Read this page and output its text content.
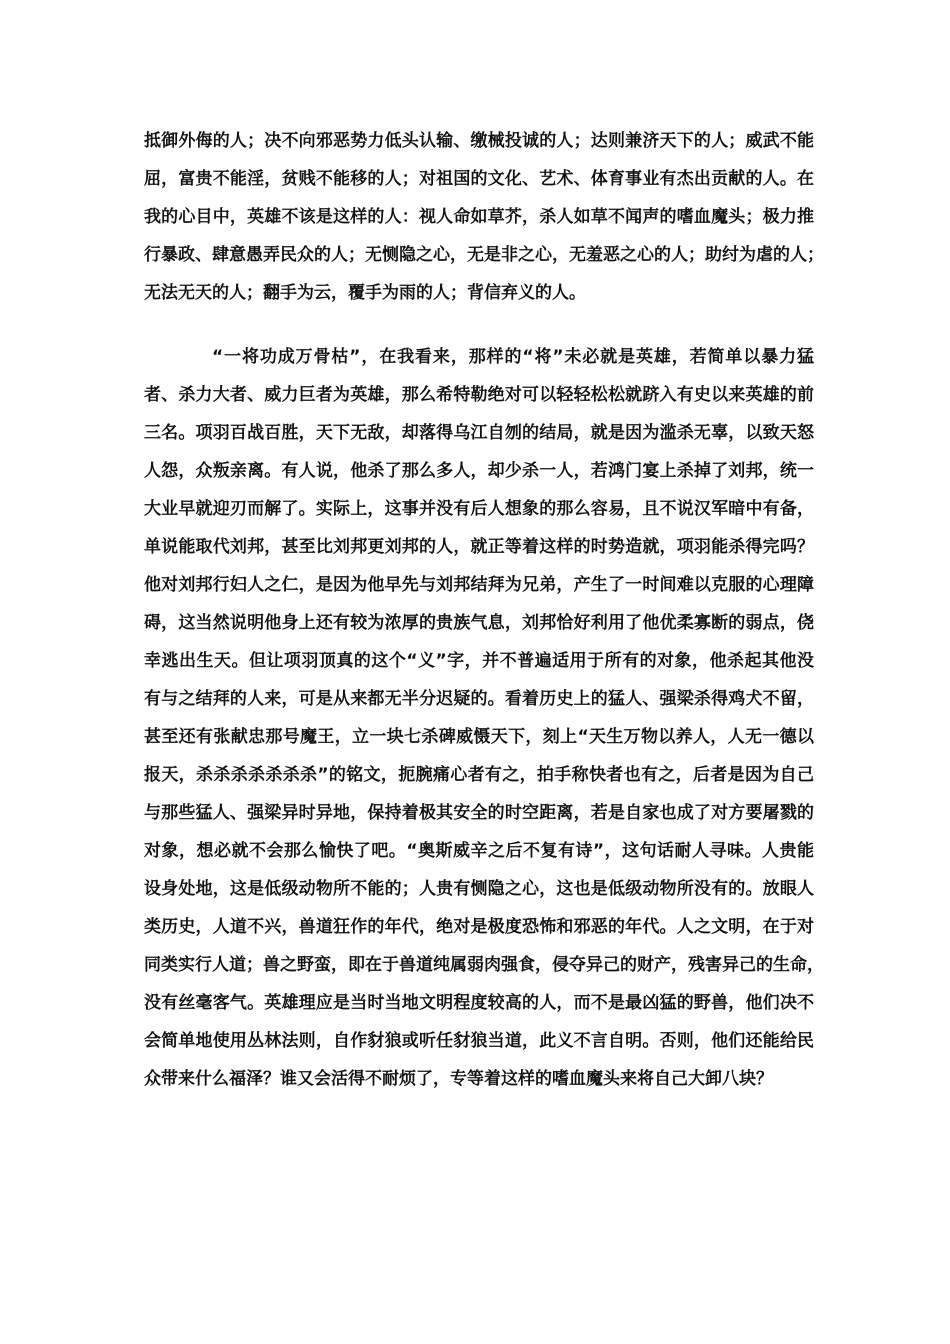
抵御外侮的人；决不向邪恶势力低头认输、缴械投诚的人；达则兼济天下的人；威武不能
屈，富贵不能淫，贫贱不能移的人；对祖国的文化、艺术、体育事业有杰出贡献的人。在
我的心目中，英雄不该是这样的人：视人命如草芥，杀人如草不闻声的嗜血魔头；极力推
行暴政、肆意愚弄民众的人；无恻隐之心，无是非之心，无羞恶之心的人；助纣为虐的人；
无法无天的人；翻手为云，覆手为雨的人；背信弃义的人。
“一将功成万骨枯”，在我看来，那样的“将”未必就是英雄，若简单以暴力猛
者、杀力大者、威力巨者为英雄，那么希特勒绝对可以轻轻松松就跻入有史以来英雄的前
三名。项羽百战百胜，天下无敌，却落得乌江自刎的结局，就是因为滥杀无辜，以致天怒
人怨，众叛亲离。有人说，他杀了那么多人，却少杀一人，若鸿门宴上杀掉了刘邦，统一
大业早就迎刃而解了。实际上，这事并没有后人想象的那么容易，且不说汉军暗中有备，
单说能取代刘邦，甚至比刘邦更刘邦的人，就正等着这样的时势造就，项羽能杀得完吗？
他对刘邦行妇人之仁，是因为他早先与刘邦结拜为兄弟，产生了一时间难以克服的心理障
碍，这当然说明他身上还有较为浓厚的贵族气息，刘邦恰好利用了他优柔寡断的弱点，侥
幸逃出生天。但让项羽顶真的这个“义”字，并不普遍适用于所有的对象，他杀起其他没
有与之结拜的人来，可是从来都无半分迟疑的。看着历史上的猛人、强梁杀得鸡犬不留，
甚至还有张献忠那号魔王，立一块七杀碑威慑天下，刻上“天生万物以养人，人无一德以
报天，杀杀杀杀杀杀杀”的铭文，扼腕痛心者有之，拍手称快者也有之，后者是因为自己
与那些猛人、强梁异时异地，保持着极其安全的时空距离，若是自家也成了对方要屠戮的
对象，想必就不会那么愉快了吧。“奥斯威辛之后不复有诗”，这句话耐人寻味。人贵能
设身处地，这是低级动物所不能的；人贵有恻隐之心，这也是低级动物所没有的。放眼人
类历史，人道不兴，兽道狂作的年代，绝对是极度恐怖和邪恶的年代。人之文明，在于对
同类实行人道；兽之野蛮，即在于兽道纯属弱肉强食，侵夺异己的财产，残害异己的生命，
没有丝毫客气。英雄理应是当时当地文明程度较高的人，而不是最凶猛的野兽，他们决不
会简单地使用丛林法则，自作豺狼或听任豺狼当道，此义不言自明。否则，他们还能给民
众带来什么福泽？谁又会活得不耐烦了，专等着这样的嗜血魔头来将自己大卸八块？
